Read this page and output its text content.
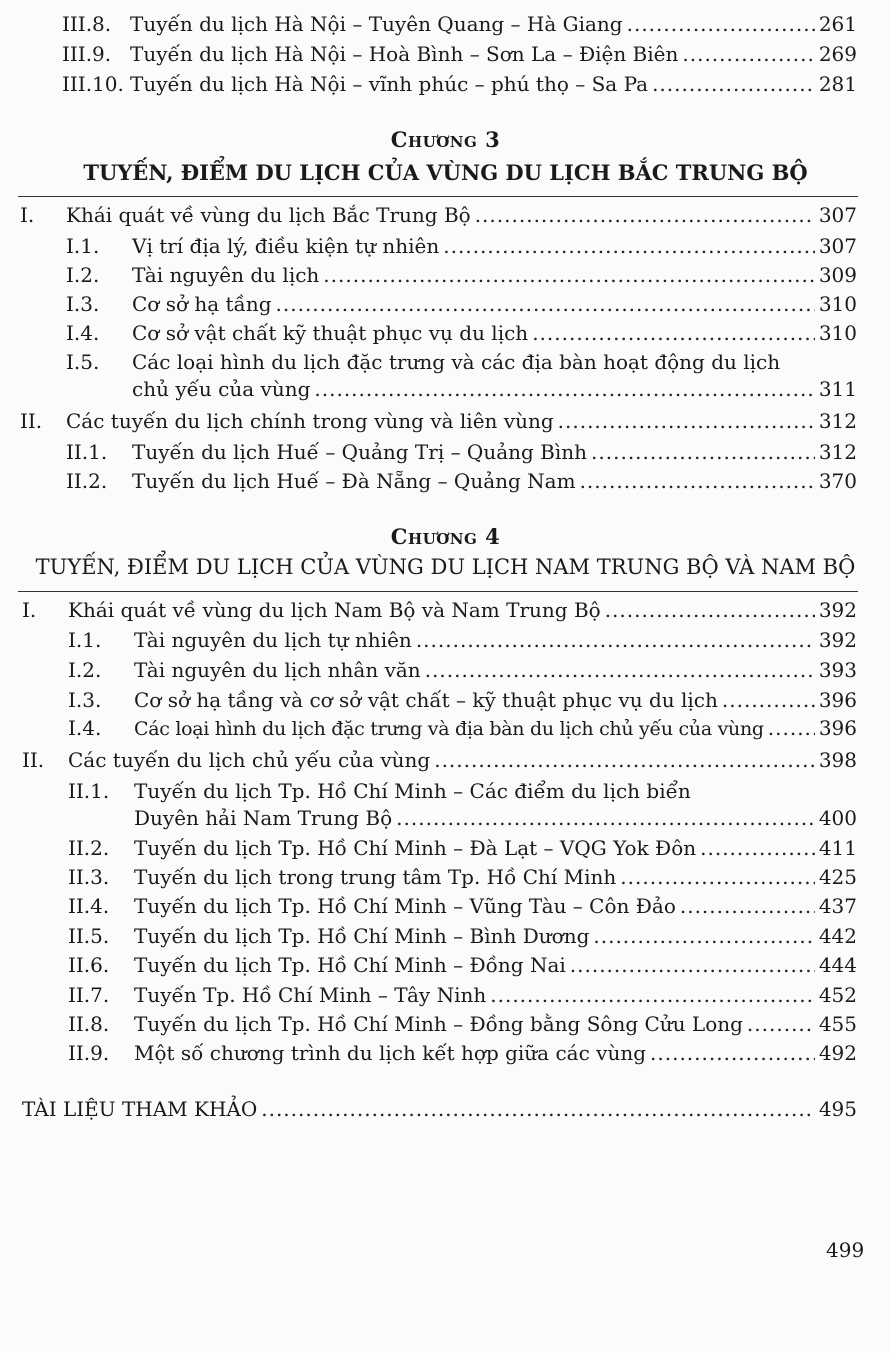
III.8. Tuyến du lịch Hà Nội – Tuyên Quang – Hà Giang .....	261
III.9. Tuyến du lịch Hà Nội – Hoà Bình – Sơn La – Điện Biên .....	269
III.10. Tuyến du lịch Hà Nội – vĩnh phúc – phú thọ – Sa Pa .....	281
Chương 3
TUYẾN, ĐIỂM DU LỊCH CỦA VÙNG DU LỊCH BẮC TRUNG BỘ
I.	Khái quát về vùng du lịch Bắc Trung Bộ .....	307
I.1.	Vị trí địa lý, điều kiện tự nhiên .....	307
I.2.	Tài nguyên du lịch .....	309
I.3.	Cơ sở hạ tầng .....	310
I.4.	Cơ sở vật chất kỹ thuật phục vụ du lịch .....	310
I.5.	Các loại hình du lịch đặc trưng và các địa bàn hoạt động du lịch
chủ yếu của vùng .....	311
II.	Các tuyến du lịch chính trong vùng và liên vùng .....	312
II.1.	Tuyến du lịch Huế – Quảng Trị – Quảng Bình .....	312
II.2.	Tuyến du lịch Huế – Đà Nẵng – Quảng Nam .....	370
Chương 4
TUYẾN, ĐIỂM DU LỊCH CỦA VÙNG DU LỊCH NAM TRUNG BỘ VÀ NAM BỘ
I.	Khái quát về vùng du lịch Nam Bộ và Nam Trung Bộ .....	392
I.1.	Tài nguyên du lịch tự nhiên .....	392
I.2.	Tài nguyên du lịch nhân văn .....	393
I.3.	Cơ sở hạ tầng và cơ sở vật chất – kỹ thuật phục vụ du lịch .....	396
I.4.	Các loại hình du lịch đặc trưng và địa bàn du lịch chủ yếu của vùng .....	396
II.	Các tuyến du lịch chủ yếu của vùng .....	398
II.1.	Tuyến du lịch Tp. Hồ Chí Minh – Các điểm du lịch biển
Duyên hải Nam Trung Bộ .....	400
II.2.	Tuyến du lịch Tp. Hồ Chí Minh – Đà Lạt – VQG Yok Đôn .....	411
II.3.	Tuyến du lịch trong trung tâm Tp. Hồ Chí Minh .....	425
II.4.	Tuyến du lịch Tp. Hồ Chí Minh – Vũng Tàu – Côn Đảo .....	437
II.5.	Tuyến du lịch Tp. Hồ Chí Minh – Bình Dương .....	442
II.6.	Tuyến du lịch Tp. Hồ Chí Minh – Đồng Nai .....	444
II.7.	Tuyến Tp. Hồ Chí Minh – Tây Ninh .....	452
II.8.	Tuyến du lịch Tp. Hồ Chí Minh – Đồng bằng Sông Cửu Long .....	455
II.9.	Một số chương trình du lịch kết hợp giữa các vùng .....	492
TÀI LIỆU THAM KHẢO .....	495
499
